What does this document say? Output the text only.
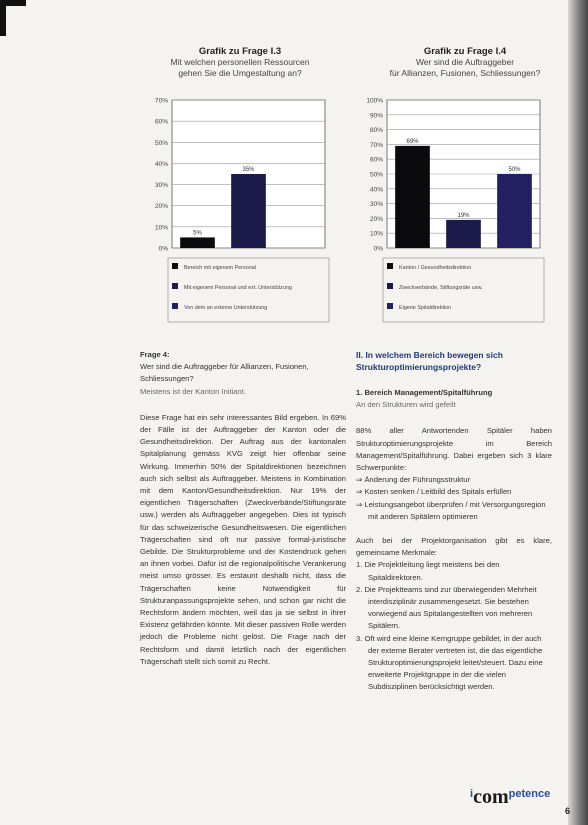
Grafik zu Frage I.3
Mit welchen personellen Ressourcen
gehen Sie die Umgestaltung an?
Grafik zu Frage I.4
Wer sind die Auftraggeber
für Allianzen, Fusionen, Schliessungen?
70%
60%
50%
40%
30%
20%
10%
0%
5%
35%
Bereich mit eigenem Personal
Mit eigenem Personal und ext. Unterstützung
Von dem an externe Unterstützung
100%
90%
80%
70%
60%
50%
40%
30%
20%
10%
0%
69%
19%
50%
Kanton / Gesundheitsdirektion
Zweckverbände, Stiftungsräte usw.
Eigene Spitaldirektion

Frage 4:

Wer sind die Auftraggeber für Allianzen, Fusionen, Schliessungen?

Meistens ist der Kanton Initiant.

Diese Frage hat ein sehr interessantes Bild ergeben. In 69% der Fälle ist der Auftraggeber der Kanton oder die Gesundheitsdirektion. Der Auftrag aus der kantonalen Spitalplanung gemäss KVG zeigt hier offenbar seine Wirkung. Immerhin 50% der Spitaldirektionen bezeichnen auch sich selbst als Auftraggeber. Meistens in Kombination mit dem Kanton/Gesundheitsdirektion. Nur 19% der eigentlichen Trägerschaften (Zweckverbände/Stiftungsräte usw.) werden als Auftraggeber angegeben. Dies ist typisch für das schweizerische Gesundheitswesen. Die eigentlichen Trägerschaften sind oft nur passive formal-juristische Gebilde. Die Strukturprobleme und der Kostendruck gehen an ihnen vorbei. Dafür ist die regionalpolitische Verankerung meist umso grösser. Es erstaunt deshalb nicht, dass die Trägerschaften keine Notwendigkeit für Strukturanpassungsprojekte sehen, und schon gar nicht die Rechtsform ändern möchten, weil das ja sie selbst in ihrer Existenz gefährden könnte. Mit dieser passiven Rolle werden jedoch die Probleme nicht gelöst. Die Frage nach der Rechtsform und damit letztlich nach der eigentlichen Trägerschaft stellt sich somit zu Recht.

II. In welchem Bereich bewegen sich Strukturoptimierungsprojekte?

1. Bereich Management/Spitalführung

An den Strukturen wird gefeilt

88% aller Antwortenden Spitäler haben Strukturoptimierungsprojekte im Bereich Management/Spitalführung. Dabei ergeben sich 3 klare Schwerpunkte:

⇒ Änderung der Führungsstruktur
⇒ Kosten senken / Leitbild des Spitals erfüllen
⇒ Leistungsangebot überprüfen / mit Versorgungsregion mit anderen Spitälern optimieren

Auch bei der Projektorganisation gibt es klare, gemeinsame Merkmale:

1. Die Projektleitung liegt meistens bei den Spitaldirektoren.
2. Die Projektteams sind zur überwiegenden Mehrheit interdisziplinär zusammengesetzt. Sie bestehen vorwiegend aus Spitalangestellten von mehreren Spitälern.
3. Oft wird eine kleine Kerngruppe gebildet, in der auch der externe Berater vertreten ist, die das eigentliche Strukturoptimierungsprojekt leitet/steuert. Dazu eine erweiterte Projektgruppe in der die vielen Subdisziplinen berücksichtigt werden.
$^i$com$^{petence}$
6
